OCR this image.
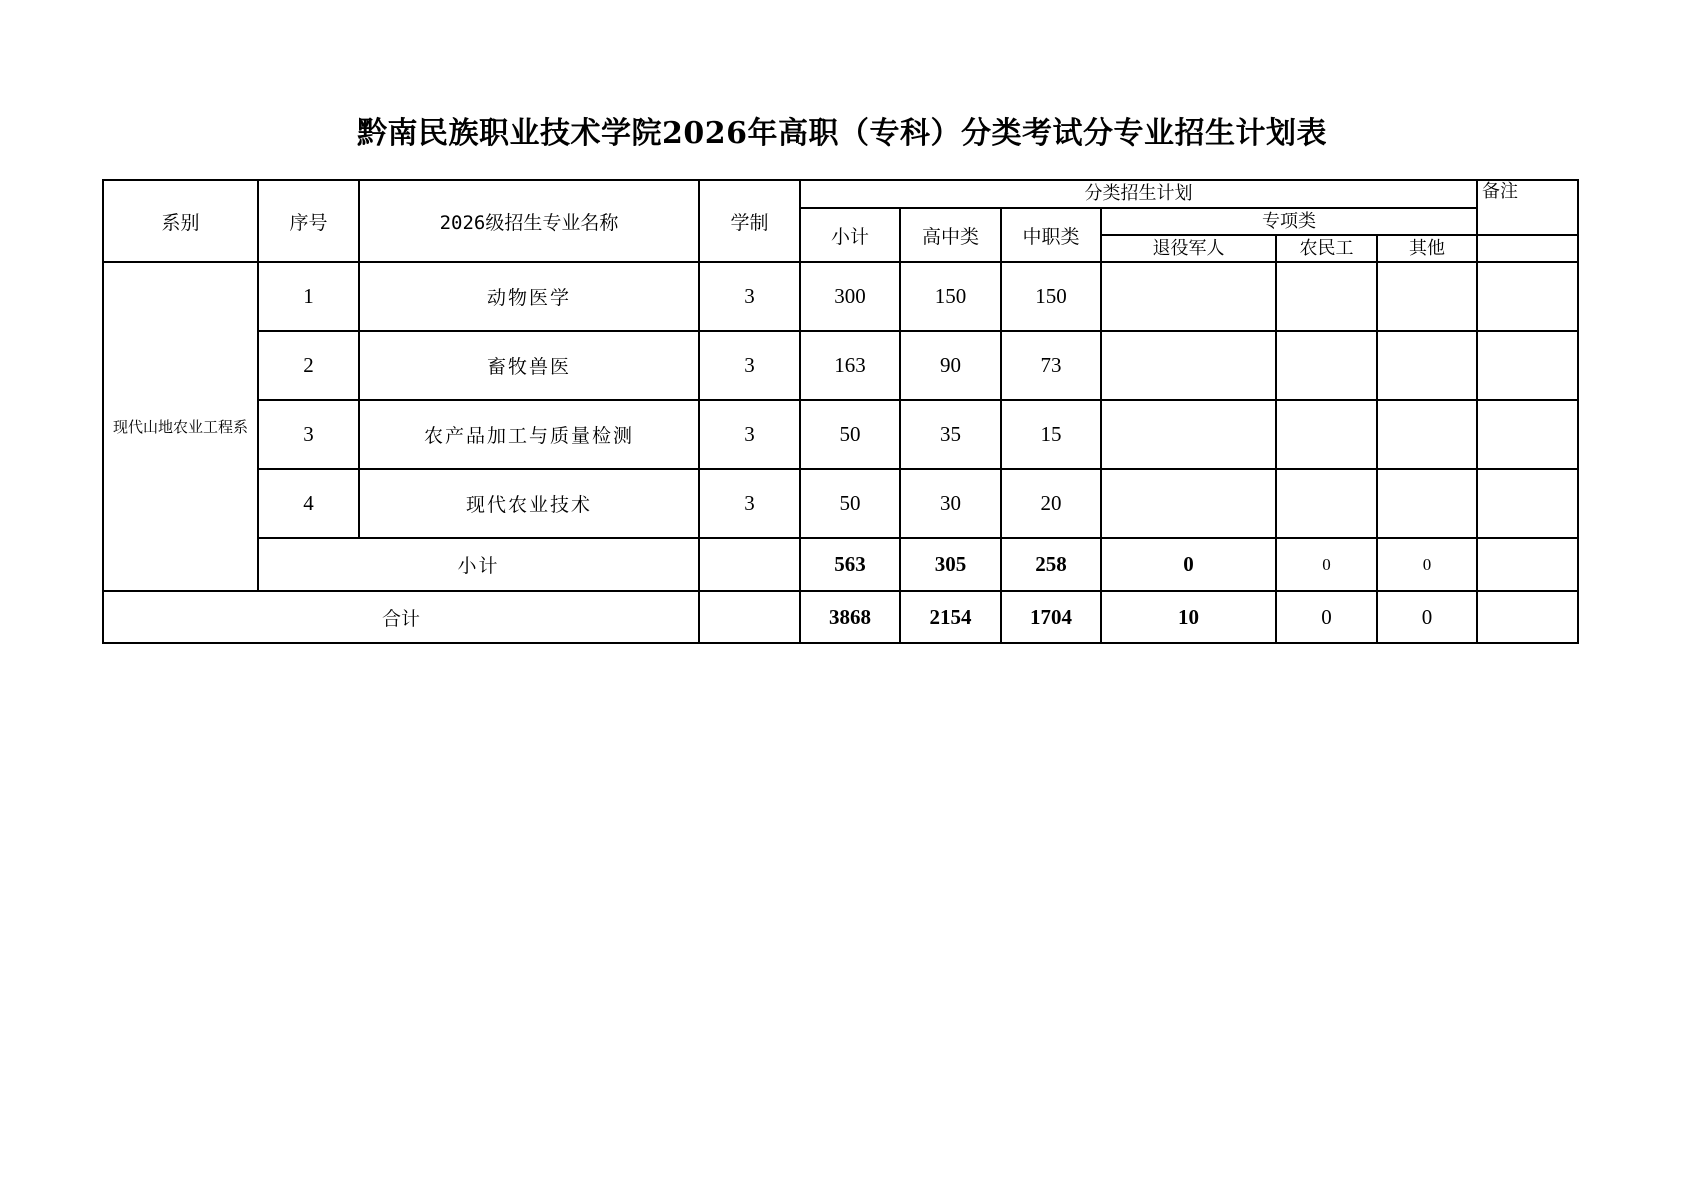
黔南民族职业技术学院2026年高职（专科）分类考试分专业招生计划表
系别	序号	2026级招生专业名称	学制	分类招生计划						备注
				小计	高中类	中职类	专项类			
							退役军人	农民工	其他	
现代山地农业工程系	1	动物医学	3	300	150	150				
	2	畜牧兽医	3	163	90	73				
	3	农产品加工与质量检测	3	50	35	15				
	4	现代农业技术	3	50	30	20				
	小计			563	305	258	0	0	0	
合计				3868	2154	1704	10	0	0	
